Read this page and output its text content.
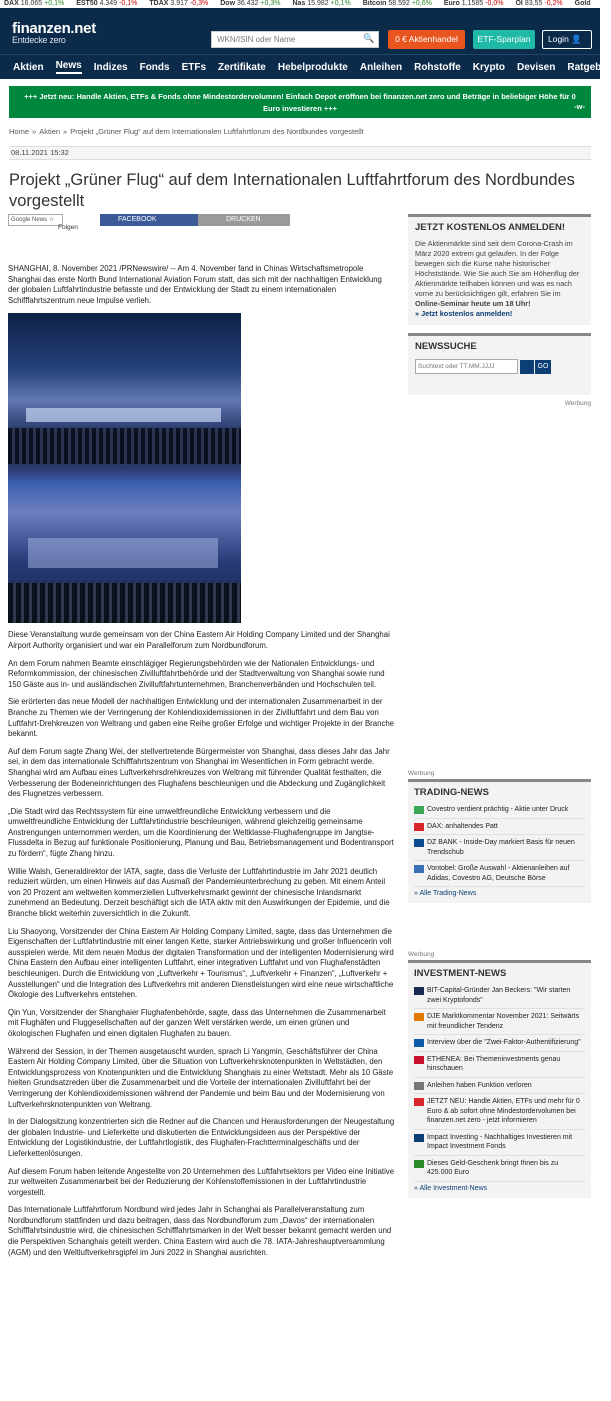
DAX 16.065 +0,1% EST50 4.349 -0,1% TDAX 3.917 -0,3% Dow 36.432 +0,3% Nas 15.982 +0,1% Bitcoin 58.592 +0,6% Euro 1,1585 -0,0% Öl 83,55 -0,2% Gold
finanzen.net
Entdecke zero	WKN/ISIN oder Name	🔍	0 € Aktienhandel	ETF-Sparplan	Login 👤
Aktien News Indizes Fonds ETFs Zertifikate Hebelprodukte Anleihen Rohstoffe Krypto Devisen Ratgeber
+++ Jetzt neu: Handle Aktien, ETFs & Fonds ohne Mindestordervolumen! Einfach Depot eröffnen bei finanzen.net zero und Beträge in beliebiger Höhe für 0 Euro investieren +++	-w-
Home » Aktien » Projekt „Grüner Flug“ auf dem Internationalen Luftfahrtforum des Nordbundes vorgestellt
08.11.2021 15:32
Projekt „Grüner Flug“ auf dem Internationalen Luftfahrtforum des Nordbundes vorgestellt
Google News ☆
Folgen
FACEBOOK	DRUCKEN

SHANGHAI, 8. November 2021 /PRNewswire/ -- Am 4. November fand in Chinas Wirtschaftsmetropole Shanghai das erste North Bund International Aviation Forum statt, das sich mit der nachhaltigen Entwicklung der globalen Luftfahrtindustrie befasste und der Entwicklung der Stadt zu einem internationalen Schifffahrtszentrum neue Impulse verlieh.

Diese Veranstaltung wurde gemeinsam von der China Eastern Air Holding Company Limited und der Shanghai Airport Authority organisiert und war ein Parallelforum zum Nordbundforum.

An dem Forum nahmen Beamte einschlägiger Regierungsbehörden wie der Nationalen Entwicklungs- und Reformkommission, der chinesischen Zivilluftfahrtbehörde und der Stadtverwaltung von Shanghai sowie rund 150 Gäste aus in- und ausländischen Zivilluftfahrtunternehmen, Branchenverbänden und Hochschulen teil.

Sie erörterten das neue Modell der nachhaltigen Entwicklung und der internationalen Zusammenarbeit in der Branche zu Themen wie der Verringerung der Kohlendioxidemissionen in der Zivilluftfahrt und dem Bau von Luftfahrt-Drehkreuzen von Weltrang und gaben eine Reihe großer Erfolge und wichtiger Projekte in der Branche bekannt.

Auf dem Forum sagte Zhang Wei, der stellvertretende Bürgermeister von Shanghai, dass dieses Jahr das Jahr sei, in dem das internationale Schifffahrtszentrum von Shanghai im Wesentlichen in Form gebracht werde. Shanghai wird am Aufbau eines Luftverkehrsdrehkreuzes von Weltrang mit führender Qualität festhalten, die Verbesserung der Bodeneinrichtungen des Flughafens beschleunigen und die Abdeckung und Zugänglichkeit des Flugnetzes verbessern.

„Die Stadt wird das Rechtssystem für eine umweltfreundliche Entwicklung verbessern und die umweltfreundliche Entwicklung der Luftfahrtindustrie beschleunigen, während gleichzeitig gemeinsame Anstrengungen unternommen werden, um die Koordinierung der Weltklasse-Flughafengruppe im Jangtse-Flussdelta in Bezug auf funktionale Positionierung, Planung und Bau, Betriebsmanagement und Bodentransport zu fördern“, fügte Zhang hinzu.

Willie Walsh, Generaldirektor der IATA, sagte, dass die Verluste der Luftfahrtindustrie im Jahr 2021 deutlich reduziert würden, um einen Hinweis auf das Ausmaß der Pandemieunterbrechung zu geben. Mit einem Anteil von 20 Prozent am weltweiten kommerziellen Luftverkehrsmarkt gewinnt der chinesische Inlandsmarkt zunehmend an Bedeutung. Derzeit beschäftigt sich die IATA aktiv mit den Auswirkungen der Epidemie, und die Branche blickt weiterhin zuversichtlich in die Zukunft.

Liu Shaoyong, Vorsitzender der China Eastern Air Holding Company Limited, sagte, dass das Unternehmen die Eigenschaften der Luftfahrtindustrie mit einer langen Kette, starker Antriebswirkung und großer Influencerin voll ausspielen werde. Mit dem neuen Modus der digitalen Transformation und der intelligenten Modernisierung wird China Eastern den Aufbau einer intelligenten Luftfahrt, einer integrativen Luftfahrt und von Flughafenstädten beschleunigen. Durch die Entwicklung von „Luftverkehr + Tourismus“, „Luftverkehr + Finanzen“, „Luftverkehr + Ausstellungen“ und die Integration des Luftverkehrs mit anderen Dienstleistungen wird eine neue wirtschaftliche Ökologie des Luftverkehrs entstehen.

Qin Yun, Vorsitzender der Shanghaier Flughafenbehörde, sagte, dass das Unternehmen die Zusammenarbeit mit Flughäfen und Fluggesellschaften auf der ganzen Welt verstärken werde, um einen grünen und ökologischen Flughafen und einen digitalen Flughafen zu bauen.

Während der Session, in der Themen ausgetauscht wurden, sprach Li Yangmin, Geschäftsführer der China Eastern Air Holding Company Limited, über die Situation von Luftverkehrsknotenpunkten in Weltstädten, den Entwicklungsprozess von Knotenpunkten und die Entwicklung Shanghais zu einer Weltstadt. Mehr als 10 Gäste hielten Grundsatzreden über die Zusammenarbeit und die Vorteile der internationalen Zivilluftfahrt bei der Verringerung der Kohlendioxidemissionen während der Pandemie und beim Bau und der Modernisierung von Luftverkehrsknotenpunkten von Weltrang.

In der Dialogsitzung konzentrierten sich die Redner auf die Chancen und Herausforderungen der Neugestaltung der globalen Industrie- und Lieferkette und diskutierten die Entwicklungsideen aus der Perspektive der Entwicklung der Logistikindustrie, der Luftfahrtlogistik, des Flughafen-Frachtterminalgeschäfts und der Lieferkettenlösungen.

Auf diesem Forum haben leitende Angestellte von 20 Unternehmen des Luftfahrtsektors per Video eine Initiative zur weltweiten Zusammenarbeit bei der Reduzierung der Kohlenstoffemissionen in der Luftfahrtindustrie vorgestellt.

Das Internationale Luftfahrtforum Nordbund wird jedes Jahr in Schanghai als Parallelveranstaltung zum Nordbundforum stattfinden und dazu beitragen, dass das Nordbundforum zum „Davos“ der internationalen Schifffahrtsindustrie wird, die chinesischen Schifffahrtsmarken in der Welt besser bekannt gemacht werden und die Perspektiven Schanghais geteilt werden. China Eastern wird auch die 78. IATA-Jahreshauptversammlung (AGM) und den Weltluftverkehrsgipfel im Juni 2022 in Shanghai ausrichten.

JETZT KOSTENLOS ANMELDEN!

Die Aktienmärkte sind seit dem Corona-Crash im März 2020 extrem gut gelaufen. In der Folge bewegen sich die Kurse nahe historischer Höchststände. Wie Sie auch Sie am Höhenflug der Aktienmärkte teilhaben können und was es nach vorne zu berücksichtigen gilt, erfahren Sie im Online-Seminar heute um 18 Uhr!
» Jetzt kostenlos anmelden!

NEWSSUCHE
Suchtext oder TT.MM.JJJJ	GO
Werbung
Werbung
TRADING-NEWS
Covestro verdient prächtig - Aktie unter Druck
DAX: anhaltendes Patt
DZ BANK - Inside-Day markiert Basis für neuen Trendschub
Vontobel: Große Auswahl - Aktienanleihen auf Adidas, Covestro AG, Deutsche Börse
» Alle Trading-News
Werbung
INVESTMENT-NEWS
BIT-Capital-Gründer Jan Beckers: "Wir starten zwei Kryptofonds"
DJE Marktkommentar November 2021: Seitwärts mit freundlicher Tendenz
Interview über die "Zwei-Faktor-Authentifizierung"
ETHENEA: Bei Themeninvestments genau hinschauen
Anleihen haben Funktion verloren
JETZT NEU: Handle Aktien, ETFs und mehr für 0 Euro & ab sofort ohne Mindestordervolumen bei finanzen.net zero - jetzt informieren
Impact Investing - Nachhaltiges Investieren mit Impact Investment Fonds
Dieses Geld-Geschenk bringt Ihnen bis zu 425.000 Euro
» Alle Investment-News
